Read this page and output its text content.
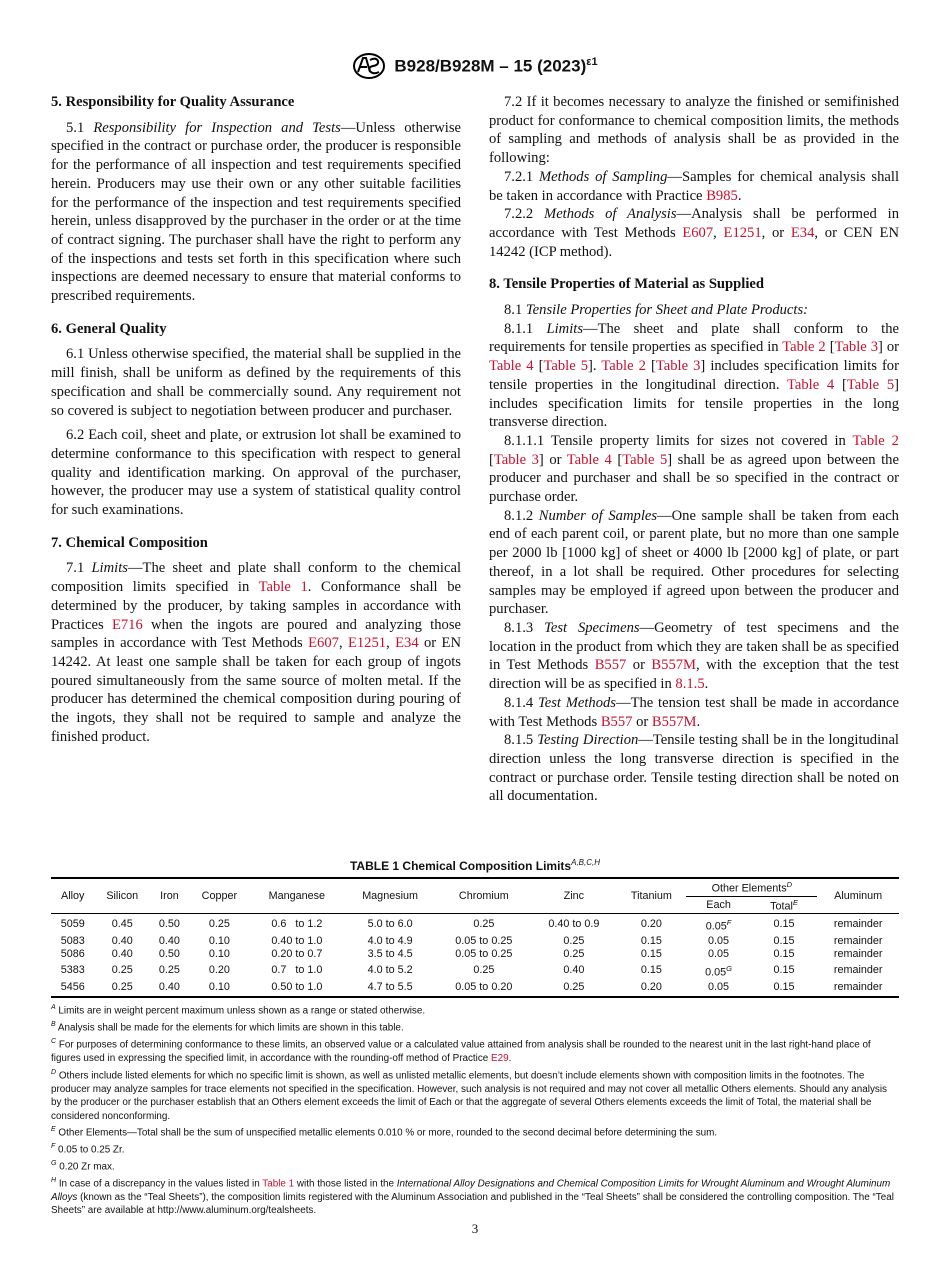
B928/B928M – 15 $(2023)^{\varepsilon 1}$
5. Responsibility for Quality Assurance

5.1 Responsibility for Inspection and Tests—Unless otherwise specified in the contract or purchase order, the producer is responsible for the performance of all inspection and test requirements specified herein. Producers may use their own or any other suitable facilities for the performance of the inspection and test requirements specified herein, unless disapproved by the purchaser in the order or at the time of contract signing. The purchaser shall have the right to perform any of the inspections and tests set forth in this specification where such inspections are deemed necessary to ensure that material conforms to prescribed requirements.

6. General Quality

6.1 Unless otherwise specified, the material shall be supplied in the mill finish, shall be uniform as defined by the requirements of this specification and shall be commercially sound. Any requirement not so covered is subject to negotiation between producer and purchaser.

6.2 Each coil, sheet and plate, or extrusion lot shall be examined to determine conformance to this specification with respect to general quality and identification marking. On approval of the purchaser, however, the producer may use a system of statistical quality control for such examinations.

7. Chemical Composition

7.1 Limits—The sheet and plate shall conform to the chemical composition limits specified in Table 1. Conformance shall be determined by the producer, by taking samples in accordance with Practices E716 when the ingots are poured and analyzing those samples in accordance with Test Methods E607, E1251, E34 or EN 14242. At least one sample shall be taken for each group of ingots poured simultaneously from the same source of molten metal. If the producer has determined the chemical composition during pouring of the ingots, they shall not be required to sample and analyze the finished product.

7.2 If it becomes necessary to analyze the finished or semifinished product for conformance to chemical composition limits, the methods of sampling and methods of analysis shall be as provided in the following:

7.2.1 Methods of Sampling—Samples for chemical analysis shall be taken in accordance with Practice B985.

7.2.2 Methods of Analysis—Analysis shall be performed in accordance with Test Methods E607, E1251, or E34, or CEN EN 14242 (ICP method).

8. Tensile Properties of Material as Supplied

8.1 Tensile Properties for Sheet and Plate Products:

8.1.1 Limits—The sheet and plate shall conform to the requirements for tensile properties as specified in Table 2 [Table 3] or Table 4 [Table 5]. Table 2 [Table 3] includes specification limits for tensile properties in the longitudinal direction. Table 4 [Table 5] includes specification limits for tensile properties in the long transverse direction.

8.1.1.1 Tensile property limits for sizes not covered in Table 2 [Table 3] or Table 4 [Table 5] shall be as agreed upon between the producer and purchaser and shall be so specified in the contract or purchase order.

8.1.2 Number of Samples—One sample shall be taken from each end of each parent coil, or parent plate, but no more than one sample per 2000 lb [1000 kg] of sheet or 4000 lb [2000 kg] of plate, or part thereof, in a lot shall be required. Other procedures for selecting samples may be employed if agreed upon between the producer and purchaser.

8.1.3 Test Specimens—Geometry of test specimens and the location in the product from which they are taken shall be as specified in Test Methods B557 or B557M, with the exception that the test direction will be as specified in 8.1.5.

8.1.4 Test Methods—The tension test shall be made in accordance with Test Methods B557 or B557M.

8.1.5 Testing Direction—Tensile testing shall be in the longitudinal direction unless the long transverse direction is specified in the contract or purchase order. Tensile testing direction shall be noted on all documentation.

TABLE 1 Chemical Composition Limits$^{A,B,C,H}$
Alloy	Silicon	Iron	Copper	Manganese	Magnesium	Chromium	Zinc	Titanium	Other Elements$^D$		Aluminum
									Each	Total$^E$
5059	0.45	0.50	0.25	0.6   to 1.2	5.0 to 6.0	0.25	0.40 to 0.9	0.20	0.05$^F$	0.15	remainder
5083	0.40	0.40	0.10	0.40 to 1.0	4.0 to 4.9	0.05 to 0.25	0.25	0.15	0.05	0.15	remainder
5086	0.40	0.50	0.10	0.20 to 0.7	3.5 to 4.5	0.05 to 0.25	0.25	0.15	0.05	0.15	remainder
5383	0.25	0.25	0.20	0.7   to 1.0	4.0 to 5.2	0.25	0.40	0.15	0.05$^G$	0.15	remainder
5456	0.25	0.40	0.10	0.50 to 1.0	4.7 to 5.5	0.05 to 0.20	0.25	0.20	0.05	0.15	remainder

$^A$ Limits are in weight percent maximum unless shown as a range or stated otherwise.

$^B$ Analysis shall be made for the elements for which limits are shown in this table.

$^C$ For purposes of determining conformance to these limits, an observed value or a calculated value attained from analysis shall be rounded to the nearest unit in the last right-hand place of figures used in expressing the specified limit, in accordance with the rounding-off method of Practice E29.

$^D$ Others include listed elements for which no specific limit is shown, as well as unlisted metallic elements, but doesn’t include elements shown with composition limits in the footnotes. The producer may analyze samples for trace elements not specified in the specification. However, such analysis is not required and may not cover all metallic Others elements. Should any analysis by the producer or the purchaser establish that an Others element exceeds the limit of Each or that the aggregate of several Others elements exceeds the limit of Total, the material shall be considered nonconforming.

$^E$ Other Elements—Total shall be the sum of unspecified metallic elements 0.010 % or more, rounded to the second decimal before determining the sum.

$^F$ 0.05 to 0.25 Zr.

$^G$ 0.20 Zr max.

$^H$ In case of a discrepancy in the values listed in Table 1 with those listed in the International Alloy Designations and Chemical Composition Limits for Wrought Aluminum and Wrought Aluminum Alloys (known as the “Teal Sheets”), the composition limits registered with the Aluminum Association and published in the “Teal Sheets” shall be considered the controlling composition. The “Teal Sheets” are available at http://www.aluminum.org/tealsheets.

3
